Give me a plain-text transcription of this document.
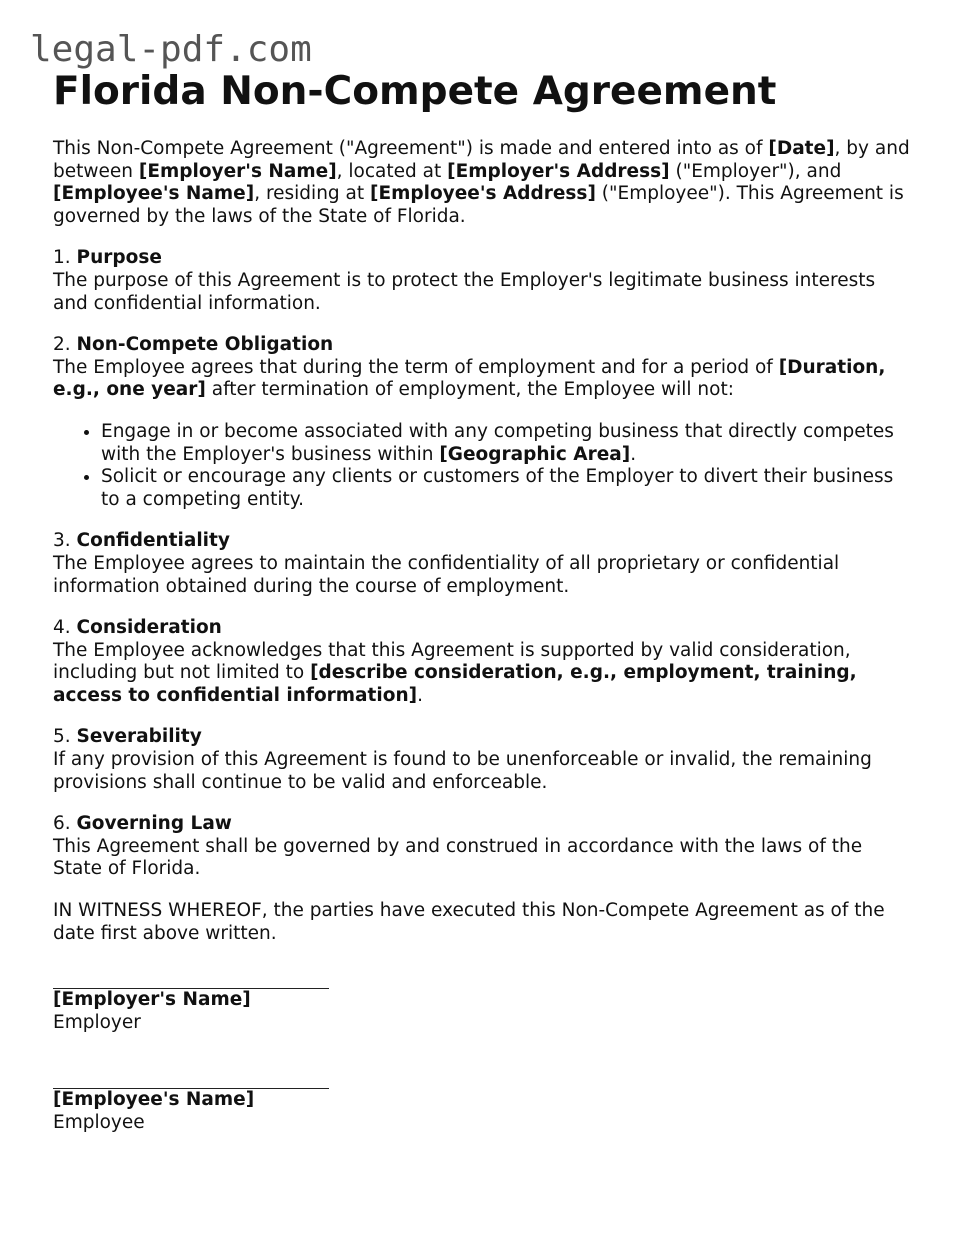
legal-pdf.com
Florida Non-Compete Agreement

This Non-Compete Agreement ("Agreement") is made and entered into as of [Date], by and between [Employer's Name], located at [Employer's Address] ("Employer"), and [Employee's Name], residing at [Employee's Address] ("Employee"). This Agreement is governed by the laws of the State of Florida.

1. Purpose

The purpose of this Agreement is to protect the Employer's legitimate business interests and confidential information.

2. Non-Compete Obligation

The Employee agrees that during the term of employment and for a period of [Duration, e.g., one year] after termination of employment, the Employee will not:

• Engage in or become associated with any competing business that directly competes with the Employer's business within [Geographic Area].
• Solicit or encourage any clients or customers of the Employer to divert their business to a competing entity.

3. Confidentiality

The Employee agrees to maintain the confidentiality of all proprietary or confidential information obtained during the course of employment.

4. Consideration

The Employee acknowledges that this Agreement is supported by valid consideration, including but not limited to [describe consideration, e.g., employment, training, access to confidential information].

5. Severability

If any provision of this Agreement is found to be unenforceable or invalid, the remaining provisions shall continue to be valid and enforceable.

6. Governing Law

This Agreement shall be governed by and construed in accordance with the laws of the State of Florida.

IN WITNESS WHEREOF, the parties have executed this Non-Compete Agreement as of the date first above written.

[Employer's Name]

Employer

[Employee's Name]

Employee
